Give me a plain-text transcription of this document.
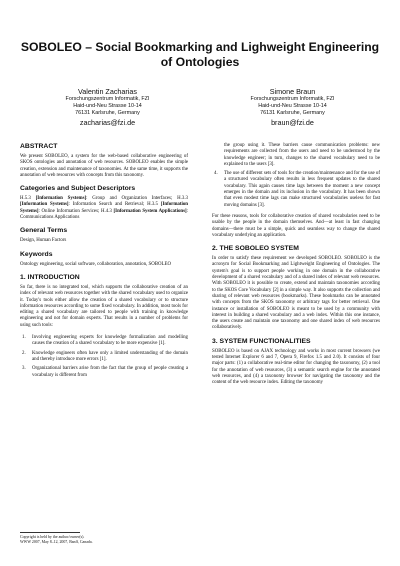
SOBOLEO – Social Bookmarking and Lighweight Engineering of Ontologies
Valentin Zacharias
Forschungszentrum Informatik, FZI
Haid-und-Neu Strasse 10-14
76131 Karlsruhe, Germany
zacharias@fzi.de
Simone Braun
Forschungszentrum Informatik, FZI
Haid-und-Neu Strasse 10-14
76131 Karlsruhe, Germany
braun@fzi.de
ABSTRACT

We present SOBOLEO, a system for the web-based collaborative engineering of SKOS ontologies and annotation of web resources. SOBOLEO enables the simple creation, extension and maintenance of taxonomies. At the same time, it supports the annotation of web resources with concepts from this taxonomy.

Categories and Subject Descriptors

H.5.3 [Information Systems]: Group and Organization Interfaces; H.3.3 [Information Systems]: Information Search and Retrieval; H.3.5 [Information Systems]: Online Information Services; H.4.3 [Information System Applications]: Communications Applications

General Terms

Design, Human Factors

Keywords

Ontology engineering, social software, collaboration, annotation, SOBOLEO

1. INTRODUCTION

So far, there is no integrated tool, which supports the collaborative creation of an index of relevant web resources together with the shared vocabulary used to organize it. Today's tools either allow the creation of a shared vocabulary or to structure information resources according to some fixed vocabulary. In addition, most tools for editing a shared vocabulary are tailored to people with training in knowledge engineering and not for domain experts. That results in a number of problems for using such tools:

1. Involving engineering experts for knowledge formalization and modelling causes the creation of a shared vocabulary to be more expensive [1].
2. Knowledge engineers often have only a limited understanding of the domain and thereby introduce more errors [1].
3. Organizational barriers arise from the fact that the group of people creating a vocabulary is different from
Copyright is held by the author/owner(s).
WWW 2007, May 8–12, 2007, Banff, Canada.
the group using it. These barriers cause communication problems: new requirements are collected from the users and need to be understood by the knowledge engineer; in turn, changes to the shared vocabulary need to be explained to the users [3].
4. The use of different sets of tools for the creation/maintenance and for the use of a structured vocabulary often results in less frequent updates to the shared vocabulary. This again causes time lags between the moment a new concept emerges in the domain and its inclusion in the vocabulary. It has been shown that even modest time lags can make structured vocabularies useless for fast moving domains [3].

For these reasons, tools for collaborative creation of shared vocabularies need to be usable by the people in the domain themselves. And—at least in fast changing domains—there must be a simple, quick and seamless way to change the shared vocabulary underlying an application.

2. THE SOBOLEO SYSTEM

In order to satisfy these requirement we developed SOBOLEO. SOBOLEO is the acronym for Social Bookmarking and Lightweight Engineering of Ontologies. The system's goal is to support people working in one domain in the collaborative development of a shared vocabulary and of a shared index of relevant web resources. With SOBOLEO it is possible to create, extend and maintain taxonomies according to the SKOS Core Vocabulary [2] in a simple way. It also supports the collection and sharing of relevant web resources (bookmarks). These bookmarks can be annotated with concepts from the SKOS taxonomy or arbitrary tags for better retrieval. One instance or installation of SOBOLEO is meant to be used by a community with interest in building a shared vocabulary and a web index. Within this one instance, the users create and maintain one taxonomy and one shared index of web resources collaboratively.

3. SYSTEM FUNCTIONALITIES

SOBOLEO is based on AJAX technology and works in most current browsers (we tested Internet Explorer 6 and 7, Opera 9, Firefox 1.5 and 2.0). It consists of four major parts: (1) a collaborative real-time editor for changing the taxonomy, (2) a tool for the annotation of web resources, (3) a semantic search engine for the annotated web resources, and (4) a taxonomy browser for navigating the taxonomy and the content of the web resource index. Editing the taxonomy
